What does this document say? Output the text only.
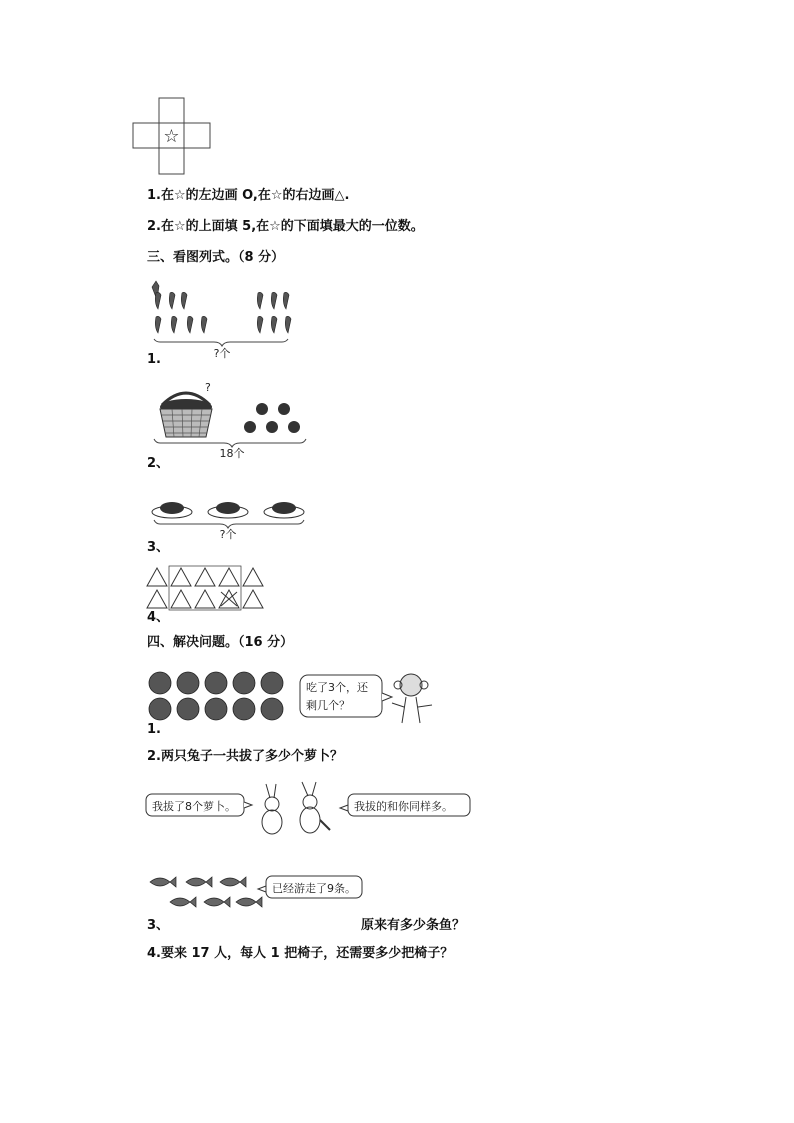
☆
1.在☆的左边画 O,在☆的右边画△.
2.在☆的上面填 5,在☆的下面填最大的一位数。
三、看图列式。（8 分）
?个
1.
?
18个
2、
?个
3、
4、
四、解决问题。（16 分）
吃了3个，还
剩几个？
1.
2.两只兔子一共拔了多少个萝卜？
我拔了8个萝卜。	我拔的和你同样多。
已经游走了9条。
3、	原来有多少条鱼？
4.要来 17 人，每人 1 把椅子，还需要多少把椅子？
